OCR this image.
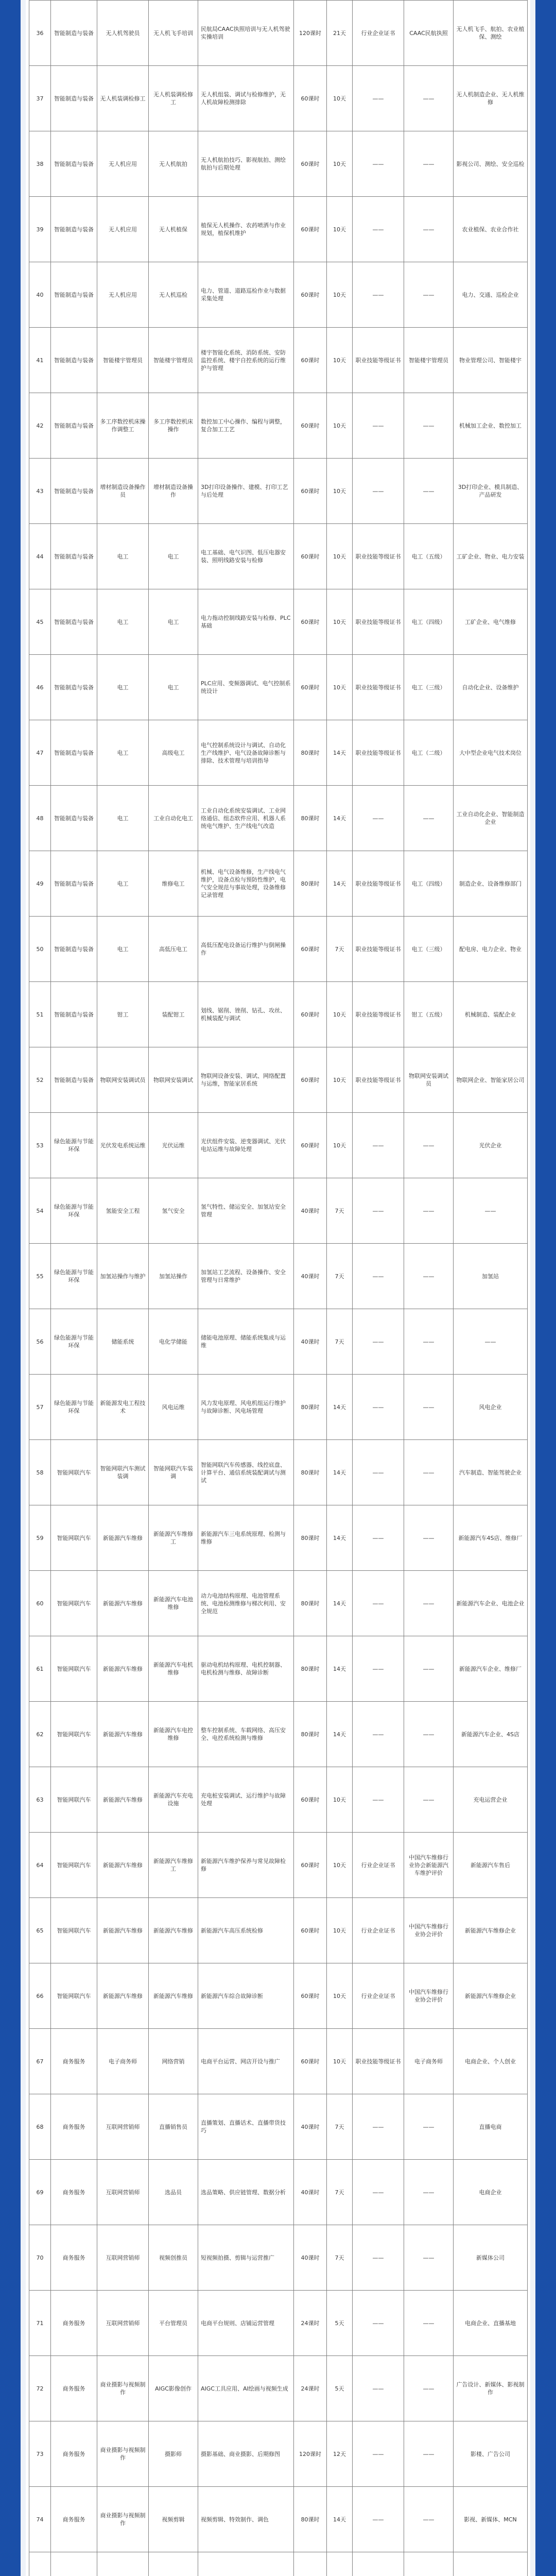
36	智能制造与装备	无人机驾驶员	无人机飞手培训	民航局CAAC执照培训与无人机驾驶实操培训	120课时	21天	行业企业证书	CAAC民航执照	无人机飞手、航拍、农业植保、测绘
37	智能制造与装备	无人机装调检修工	无人机装调检修工	无人机组装、调试与检修维护，无人机故障检测排除	60课时	10天	——	——	无人机制造企业、无人机维修
38	智能制造与装备	无人机应用	无人机航拍	无人机航拍技巧、影视航拍、测绘航拍与后期处理	60课时	10天	——	——	影视公司、测绘、安全巡检
39	智能制造与装备	无人机应用	无人机植保	植保无人机操作、农药喷洒与作业规划，植保机维护	60课时	10天	——	——	农业植保、农业合作社
40	智能制造与装备	无人机应用	无人机巡检	电力、管道、道路巡检作业与数据采集处理	60课时	10天	——	——	电力、交通、巡检企业
41	智能制造与装备	智能楼宇管理员	智能楼宇管理员	楼宇智能化系统、消防系统、安防监控系统、楼宇自控系统的运行维护与管理	60课时	10天	职业技能等级证书	智能楼宇管理员	物业管理公司、智能楼宇
42	智能制造与装备	多工序数控机床操作调整工	多工序数控机床操作	数控加工中心操作、编程与调整，复合加工工艺	60课时	10天	——	——	机械加工企业、数控加工
43	智能制造与装备	增材制造设备操作员	增材制造设备操作	3D打印设备操作、建模、打印工艺与后处理	60课时	10天	——	——	3D打印企业、模具制造、产品研发
44	智能制造与装备	电工	电工	电工基础、电气识图、低压电器安装、照明线路安装与检修	60课时	10天	职业技能等级证书	电工（五级）	工矿企业、物业、电力安装
45	智能制造与装备	电工	电工	电力拖动控制线路安装与检修、PLC基础	60课时	10天	职业技能等级证书	电工（四级）	工矿企业、电气维修
46	智能制造与装备	电工	电工	PLC应用、变频器调试、电气控制系统设计	60课时	10天	职业技能等级证书	电工（三级）	自动化企业、设备维护
47	智能制造与装备	电工	高级电工	电气控制系统设计与调试、自动化生产线维护、电气设备故障诊断与排除、技术管理与培训指导	80课时	14天	职业技能等级证书	电工（二级）	大中型企业电气技术岗位
48	智能制造与装备	电工	工业自动化电工	工业自动化系统安装调试、工业网络通信、组态软件应用、机器人系统电气维护、生产线电气改造	80课时	14天	——	——	工业自动化企业、智能制造企业
49	智能制造与装备	电工	维修电工	机械、电气设备维修，生产线电气维护，设备点检与预防性维护，电气安全规范与事故处理，设备维修记录管理	80课时	14天	职业技能等级证书	电工（四级）	制造企业、设备维修部门
50	智能制造与装备	电工	高低压电工	高低压配电设备运行维护与倒闸操作	60课时	7天	职业技能等级证书	电工（三级）	配电房、电力企业、物业
51	智能制造与装备	钳工	装配钳工	划线、锯削、锉削、钻孔、攻丝、机械装配与调试	60课时	10天	职业技能等级证书	钳工（五级）	机械制造、装配企业
52	智能制造与装备	物联网安装调试员	物联网安装调试	物联网设备安装、调试、网络配置与运维，智能家居系统	60课时	10天	职业技能等级证书	物联网安装调试员	物联网企业、智能家居公司
53	绿色能源与节能环保	光伏发电系统运维	光伏运维	光伏组件安装、逆变器调试、光伏电站运维与故障处理	60课时	10天	——	——	光伏企业
54	绿色能源与节能环保	氢能安全工程	氢气安全	氢气特性、储运安全、加氢站安全管理	40课时	7天	——	——	——
55	绿色能源与节能环保	加氢站操作与维护	加氢站操作	加氢站工艺流程、设备操作、安全管理与日常维护	40课时	7天	——	——	加氢站
56	绿色能源与节能环保	储能系统	电化学储能	储能电池原理、储能系统集成与运维	40课时	7天	——	——	——
57	绿色能源与节能环保	新能源发电工程技术	风电运维	风力发电原理、风电机组运行维护与故障诊断、风电场管理	80课时	14天	——	——	风电企业
58	智能网联汽车	智能网联汽车测试装调	智能网联汽车装调	智能网联汽车传感器、线控底盘、计算平台、通信系统装配调试与测试	80课时	14天	——	——	汽车制造、智能驾驶企业
59	智能网联汽车	新能源汽车维修	新能源汽车维修工	新能源汽车三电系统原理、检测与维修	80课时	14天	——	——	新能源汽车4S店、维修厂
60	智能网联汽车	新能源汽车维修	新能源汽车电池维修	动力电池结构原理、电池管理系统、电池检测维修与梯次利用、安全规范	80课时	14天	——	——	新能源汽车企业、电池企业
61	智能网联汽车	新能源汽车维修	新能源汽车电机维修	驱动电机结构原理、电机控制器、电机检测与维修、故障诊断	80课时	14天	——	——	新能源汽车企业、维修厂
62	智能网联汽车	新能源汽车维修	新能源汽车电控维修	整车控制系统、车载网络、高压安全、电控系统检测与维修	80课时	14天	——	——	新能源汽车企业、4S店
63	智能网联汽车	新能源汽车维修	新能源汽车充电设施	充电桩安装调试、运行维护与故障处理	60课时	10天	——	——	充电运营企业
64	智能网联汽车	新能源汽车维修	新能源汽车维修工	新能源汽车维护保养与常见故障检修	60课时	10天	行业企业证书	中国汽车维修行业协会新能源汽车维护评价	新能源汽车售后
65	智能网联汽车	新能源汽车维修	新能源汽车维修	新能源汽车高压系统检修	60课时	10天	行业企业证书	中国汽车维修行业协会评价	新能源汽车维修企业
66	智能网联汽车	新能源汽车维修	新能源汽车维修	新能源汽车综合故障诊断	60课时	10天	行业企业证书	中国汽车维修行业协会评价	新能源汽车维修企业
67	商务服务	电子商务师	网络营销	电商平台运营、网店开设与推广	60课时	10天	职业技能等级证书	电子商务师	电商企业、个人创业
68	商务服务	互联网营销师	直播销售员	直播策划、直播话术、直播带货技巧	40课时	7天	——	——	直播电商
69	商务服务	互联网营销师	选品员	选品策略、供应链管理、数据分析	40课时	7天	——	——	电商企业
70	商务服务	互联网营销师	视频创推员	短视频拍摄、剪辑与运营推广	40课时	7天	——	——	新媒体公司
71	商务服务	互联网营销师	平台管理员	电商平台规则、店铺运营管理	24课时	5天	——	——	电商企业、直播基地
72	商务服务	商业摄影与视频制作	AIGC影像创作	AIGC工具应用、AI绘画与视频生成	24课时	5天	——	——	广告设计、新媒体、影视制作
73	商务服务	商业摄影与视频制作	摄影师	摄影基础、商业摄影、后期修图	120课时	12天	——	——	影楼、广告公司
74	商务服务	商业摄影与视频制作	视频剪辑	视频剪辑、特效制作、调色	80课时	14天	——	——	影视、新媒体、MCN
